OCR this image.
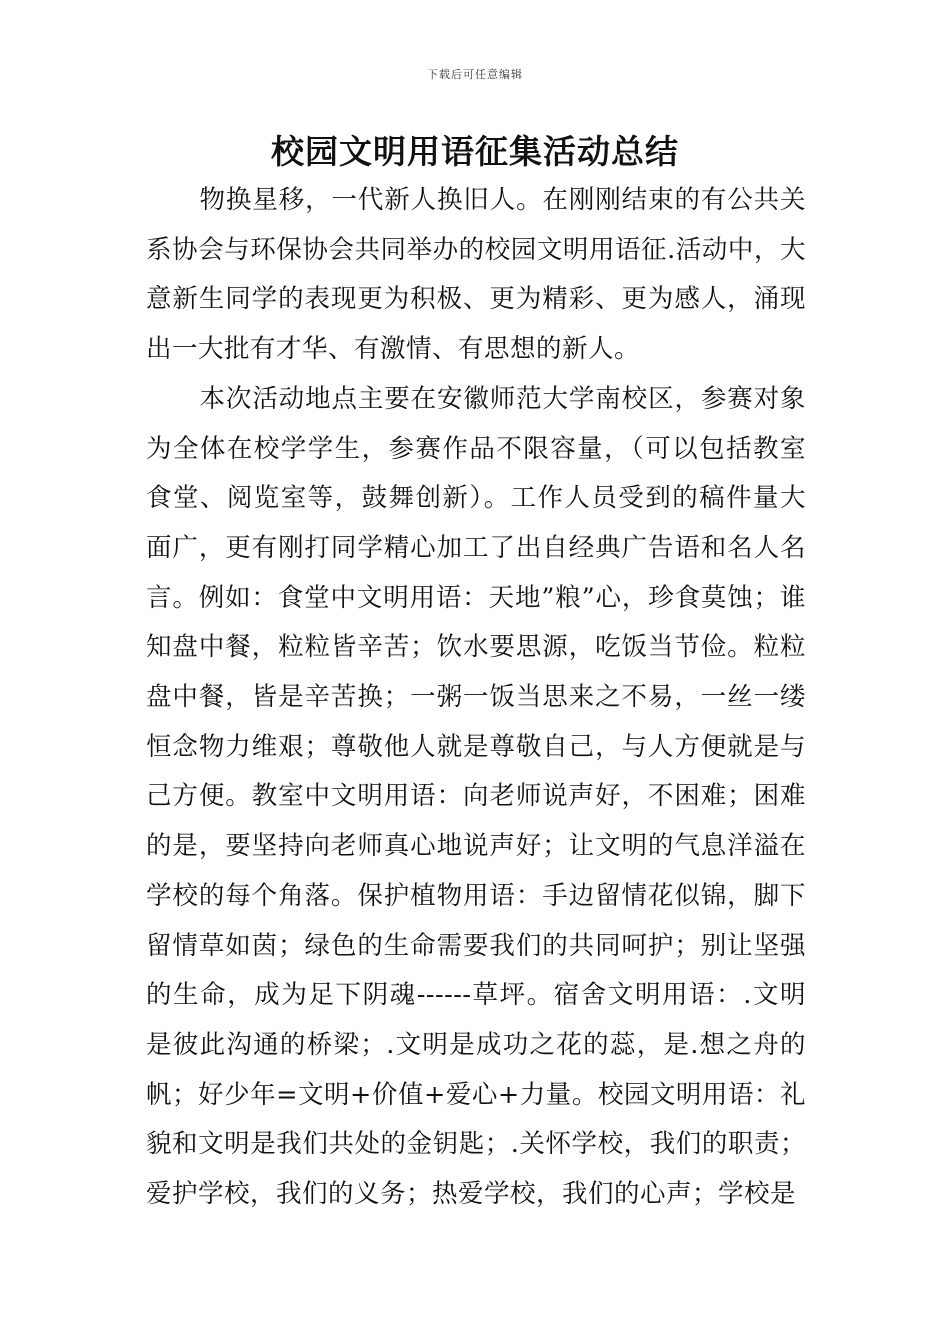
下载后可任意编辑
校园文明用语征集活动总结

物换星移，一代新人换旧人。在刚刚结束的有公共关系协会与环保协会共同举办的校园文明用语征.活动中，大意新生同学的表现更为积极、更为精彩、更为感人，涌现出一大批有才华、有激情、有思想的新人。

本次活动地点主要在安徽师范大学南校区，参赛对象为全体在校学学生，参赛作品不限容量，（可以包括教室食堂、阅览室等，鼓舞创新）。工作人员受到的稿件量大面广，更有刚打同学精心加工了出自经典广告语和名人名言。例如：食堂中文明用语：天地”粮”心，珍食莫蚀；谁知盘中餐，粒粒皆辛苦；饮水要思源，吃饭当节俭。粒粒盘中餐，皆是辛苦换；一粥一饭当思来之不易，一丝一缕恒念物力维艰；尊敬他人就是尊敬自己，与人方便就是与己方便。教室中文明用语：向老师说声好，不困难；困难的是，要坚持向老师真心地说声好；让文明的气息洋溢在学校的每个角落。保护植物用语：手边留情花似锦，脚下留情草如茵；绿色的生命需要我们的共同呵护；别让坚强的生命，成为足下阴魂------草坪。宿舍文明用语：.文明是彼此沟通的桥梁；.文明是成功之花的蕊，是.想之舟的帆；好少年=文明+价值+爱心+力量。校园文明用语：礼貌和文明是我们共处的金钥匙；.关怀学校，我们的职责；爱护学校，我们的义务；热爱学校，我们的心声；学校是
